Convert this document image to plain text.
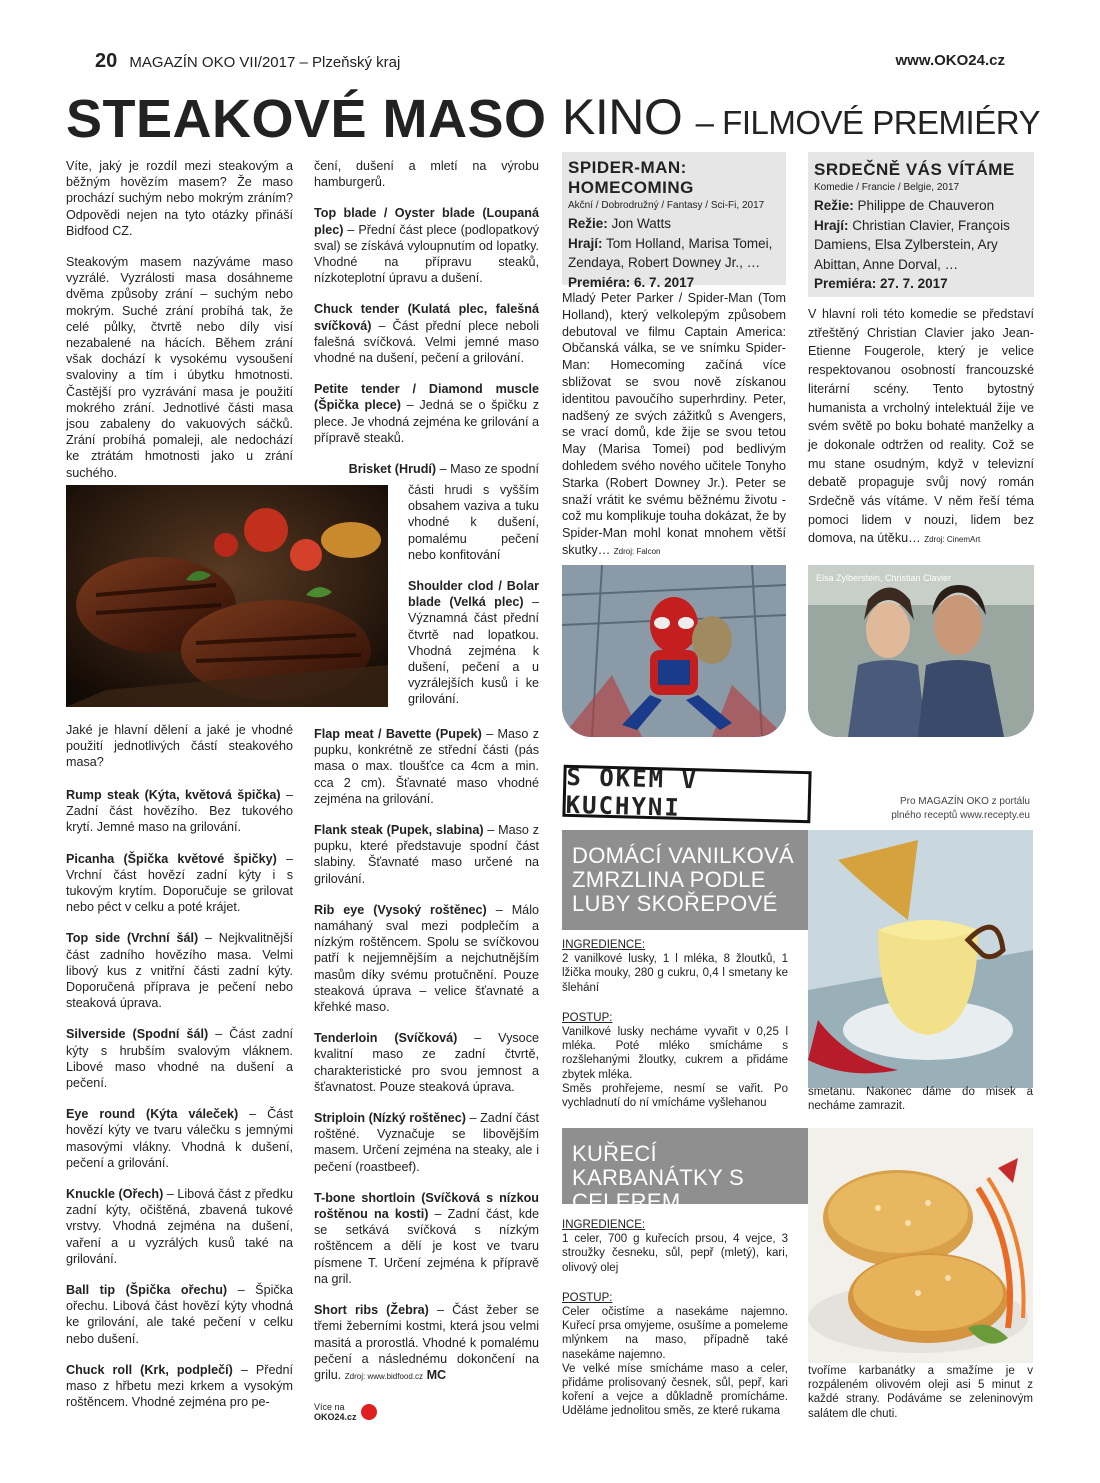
20 MAGAZÍN OKO VII/2017 – Plzeňský kraj	www.OKO24.cz
STEAKOVÉ MASO

Víte, jaký je rozdíl mezi steakovým a běžným hovězím masem? Že maso prochází suchým nebo mokrým zráním? Odpovědi nejen na tyto otázky přináší Bidfood CZ.

Steakovým masem nazýváme maso vyzrálé. Vyzrálosti masa dosáhneme dvěma způsoby zrání – suchým nebo mokrým. Suché zrání probíhá tak, že celé půlky, čtvrtě nebo díly visí nezabalené na hácích. Během zrání však dochází k vysokému vysoušení svaloviny a tím i úbytku hmotnosti. Častější pro vyzrávání masa je použití mokrého zrání. Jednotlivé části masa jsou zabaleny do vakuových sáčků. Zrání probíhá pomaleji, ale nedochází ke ztrátám hmotnosti jako u zrání suchého.

Jaké je hlavní dělení a jaké je vhodné použití jednotlivých částí steakového masa?

Rump steak (Kýta, květová špička) – Zadní část hovězího. Bez tukového krytí. Jemné maso na grilování.

Picanha (Špička květové špičky) – Vrchní část hovězí zadní kýty i s tukovým krytím. Doporučuje se grilovat nebo péct v celku a poté krájet.

Top side (Vrchní šál) – Nejkvalitnější část zadního hovězího masa. Velmi libový kus z vnitřní části zadní kýty. Doporučená příprava je pečení nebo steaková úprava.

Silverside (Spodní šál) – Část zadní kýty s hrubším svalovým vláknem. Libové maso vhodné na dušení a pečení.

Eye round (Kýta váleček) – Část hovězí kýty ve tvaru válečku s jemnými masovými vlákny. Vhodná k dušení, pečení a grilování.

Knuckle (Ořech) – Libová část z předku zadní kýty, očištěná, zbavená tukové vrstvy. Vhodná zejména na dušení, vaření a u vyzrálých kusů také na grilování.

Ball tip (Špička ořechu) – Špička ořechu. Libová část hovězí kýty vhodná ke grilování, ale také pečení v celku nebo dušení.

Chuck roll (Krk, podplečí) – Přední maso z hřbetu mezi krkem a vysokým roštěncem. Vhodné zejména pro pe-

čení, dušení a mletí na výrobu hamburgerů.

Top blade / Oyster blade (Loupaná plec) – Přední část plece (podlopatkový sval) se získává vyloupnutím od lopatky. Vhodné na přípravu steaků, nízkoteplotní úpravu a dušení.

Chuck tender (Kulatá plec, falešná svíčková) – Část přední plece neboli falešná svíčková. Velmi jemné maso vhodné na dušení, pečení a grilování.

Petite tender / Diamond muscle (Špička plece) – Jedná se o špičku z plece. Je vhodná zejména ke grilování a přípravě steaků.

Brisket (Hrudí) – Maso ze spodní

části hrudi s vyšším obsahem vaziva a tuku vhodné k dušení, pomalému pečení nebo konfitování

Shoulder clod / Bolar blade (Velká plec) – Významná část přední čtvrtě nad lopatkou. Vhodná zejména k dušení, pečení a u vyzrálejších kusů i ke grilování.

Flap meat / Bavette (Pupek) – Maso z pupku, konkrétně ze střední části (pás masa o max. tloušťce ca 4cm a min. cca 2 cm). Šťavnaté maso vhodné zejména na grilování.

Flank steak (Pupek, slabina) – Maso z pupku, které představuje spodní část slabiny. Šťavnaté maso určené na grilování.

Rib eye (Vysoký roštěnec) – Málo namáhaný sval mezi podplečím a nízkým roštěncem. Spolu se svíčkovou patří k nejjemnějším a nejchutnějším masům díky svému protučnění. Pouze steaková úprava – velice šťavnaté a křehké maso.

Tenderloin (Svíčková) – Vysoce kvalitní maso ze zadní čtvrtě, charakteristické pro svou jemnost a šťavnatost. Pouze steaková úprava.

Striploin (Nízký roštěnec) – Zadní část roštěné. Vyznačuje se libovějším masem. Určení zejména na steaky, ale i pečení (roastbeef).

T-bone shortloin (Svíčková s nízkou roštěnou na kosti) – Zadní část, kde se setkává svíčková s nízkým roštěncem a dělí je kost ve tvaru písmene T. Určení zejména k přípravě na gril.

Short ribs (Žebra) – Část žeber se třemi žeberními kostmi, která jsou velmi masitá a prorostlá. Vhodné k pomalému pečení a následnému dokončení na grilu. Zdroj: www.bidfood.cz MC

Více na
OKO24.cz
KINO – FILMOVÉ PREMIÉRY
SPIDER-MAN: HOMECOMING
Akční / Dobrodružný / Fantasy / Sci-Fi, 2017
Režie: Jon Watts
Hrají: Tom Holland, Marisa Tomei, Zendaya, Robert Downey Jr., …
Premiéra: 6. 7. 2017
SRDEČNĚ VÁS VÍTÁME
Komedie / Francie / Belgie, 2017
Režie: Philippe de Chauveron
Hrají: Christian Clavier, François Damiens, Elsa Zylberstein, Ary Abittan, Anne Dorval, …
Premiéra: 27. 7. 2017
Mladý Peter Parker / Spider-Man (Tom Holland), který velkolepým způsobem debutoval ve filmu Captain America: Občanská válka, se ve snímku Spider-Man: Homecoming začíná více sbližovat se svou nově získanou identitou pavoučího superhrdiny. Peter, nadšený ze svých zážitků s Avengers, se vrací domů, kde žije se svou tetou May (Marisa Tomei) pod bedlivým dohledem svého nového učitele Tonyho Starka (Robert Downey Jr.). Peter se snaží vrátit ke svému běžnému životu - což mu komplikuje touha dokázat, že by Spider-Man mohl konat mnohem větší skutky… Zdroj: Falcon
V hlavní roli této komedie se představí ztřeštěný Christian Clavier jako Jean-Etienne Fougerole, který je velice respektovanou osobností francouzské literární scény. Tento bytostný humanista a vrcholný intelektuál žije ve svém světě po boku bohaté manželky a je dokonale odtržen od reality. Což se mu stane osudným, když v televizní debatě propaguje svůj nový román Srdečně vás vítáme. V něm řeší téma pomoci lidem v nouzi, lidem bez domova, na útěku… Zdroj: CinemArt
Elsa Zylberstein, Christian Clavier
S OKEM V KUCHYNI	Pro MAGAZÍN OKO z portálu
plného receptů www.recepty.eu
DOMÁCÍ VANILKOVÁ ZMRZLINA PODLE LUBY SKOŘEPOVÉ
INGREDIENCE:
2 vanilkové lusky, 1 l mléka, 8 žloutků, 1 lžička mouky, 280 g cukru, 0,4 l smetany ke šlehání
POSTUP:
Vanilkové lusky necháme vyvařit v 0,25 l mléka. Poté mléko smícháme s rozšlehanými žloutky, cukrem a přidáme zbytek mléka.
Směs prohřejeme, nesmí se vařit. Po vychladnutí do ní vmícháme vyšlehanou
smetanu. Nakonec dáme do misek a necháme zamrazit.
KUŘECÍ KARBANÁTKY S CELEREM
INGREDIENCE:
1 celer, 700 g kuřecích prsou, 4 vejce, 3 stroužky česneku, sůl, pepř (mletý), kari, olivový olej
POSTUP:
Celer očistíme a nasekáme najemno. Kuřecí prsa omyjeme, osušíme a pomeleme mlýnkem na maso, případně také nasekáme najemno.
Ve velké míse smícháme maso a celer, přidáme prolisovaný česnek, sůl, pepř, kari koření a vejce a důkladně promícháme. Uděláme jednolitou směs, ze které rukama
tvoříme karbanátky a smažíme je v rozpáleném olivovém oleji asi 5 minut z každé strany. Podáváme se zeleninovým salátem dle chuti.
